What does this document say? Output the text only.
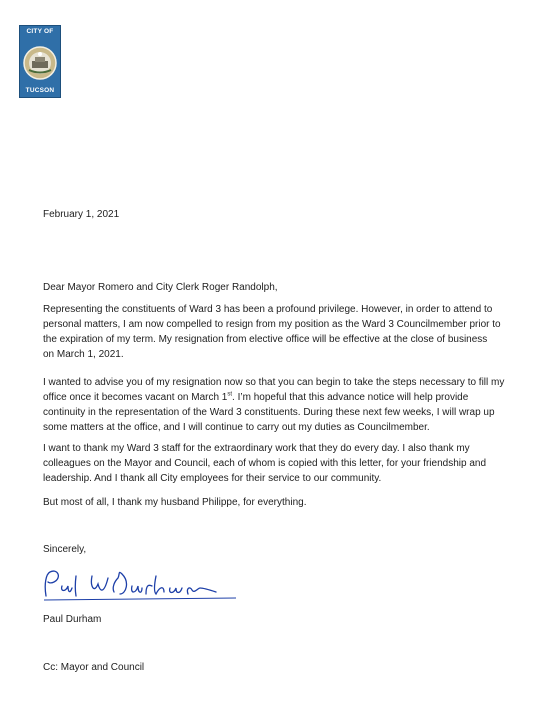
CITY OF
TUCSON
February 1, 2021
Dear Mayor Romero and City Clerk Roger Randolph,
Representing the constituents of Ward 3 has been a profound privilege. However, in order to attend to
personal matters, I am now compelled to resign from my position as the Ward 3 Councilmember prior to
the expiration of my term. My resignation from elective office will be effective at the close of business
on March 1, 2021.
I wanted to advise you of my resignation now so that you can begin to take the steps necessary to fill my
office once it becomes vacant on March 1st. I’m hopeful that this advance notice will help provide
continuity in the representation of the Ward 3 constituents. During these next few weeks, I will wrap up
some matters at the office, and I will continue to carry out my duties as Councilmember.
I want to thank my Ward 3 staff for the extraordinary work that they do every day. I also thank my
colleagues on the Mayor and Council, each of whom is copied with this letter, for your friendship and
leadership. And I thank all City employees for their service to our community.
But most of all, I thank my husband Philippe, for everything.
Sincerely,
Paul Durham
Cc: Mayor and Council
